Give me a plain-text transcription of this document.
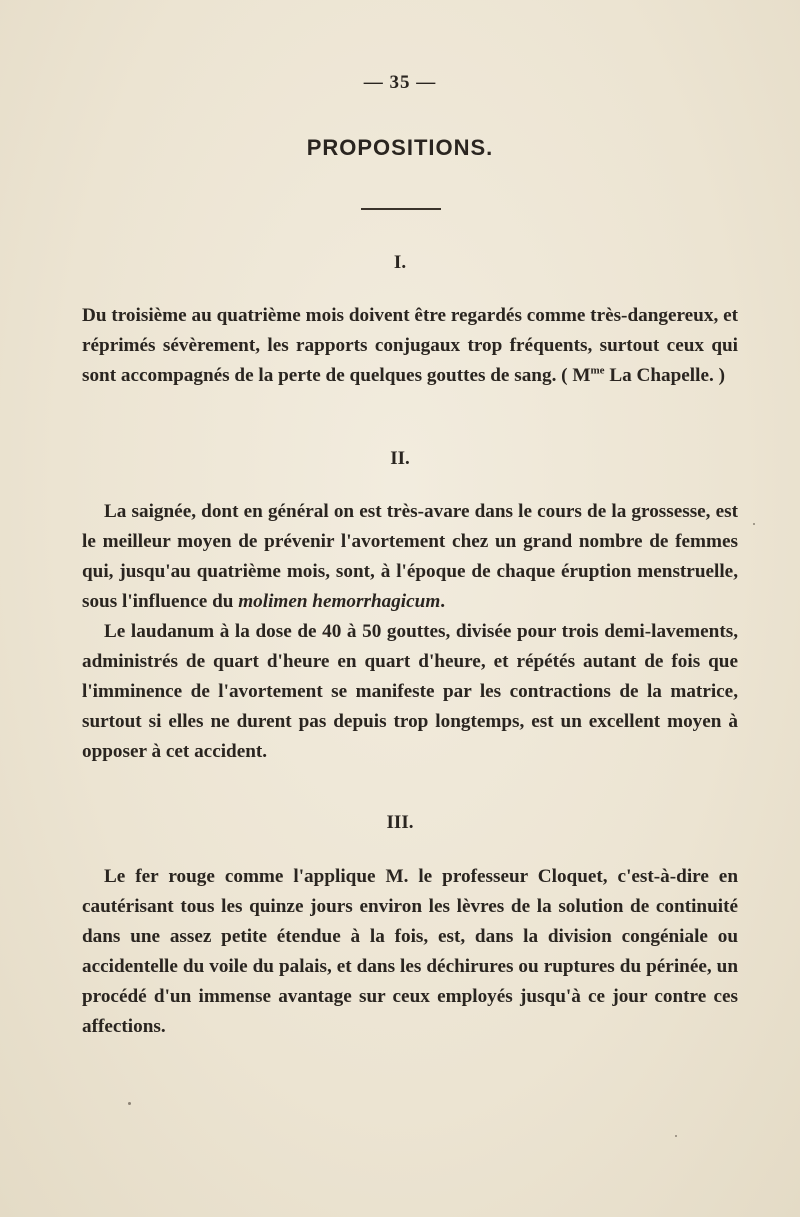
— 35 —
PROPOSITIONS.
I.

Du troisième au quatrième mois doivent être regardés comme très-dangereux, et réprimés sévèrement, les rapports conjugaux trop fréquents, surtout ceux qui sont accompagnés de la perte de quelques gouttes de sang. ( $M^{me}$ La Chapelle. )

II.

La saignée, dont en général on est très-avare dans le cours de la grossesse, est le meilleur moyen de prévenir l'avortement chez un grand nombre de femmes qui, jusqu'au quatrième mois, sont, à l'époque de chaque éruption menstruelle, sous l'influence du molimen hemorrhagicum.

Le laudanum à la dose de 40 à 50 gouttes, divisée pour trois demi-lavements, administrés de quart d'heure en quart d'heure, et répétés autant de fois que l'imminence de l'avortement se manifeste par les contractions de la matrice, surtout si elles ne durent pas depuis trop longtemps, est un excellent moyen à opposer à cet accident.

III.

Le fer rouge comme l'applique M. le professeur Cloquet, c'est-à-dire en cautérisant tous les quinze jours environ les lèvres de la solution de continuité dans une assez petite étendue à la fois, est, dans la division congéniale ou accidentelle du voile du palais, et dans les déchirures ou ruptures du périnée, un procédé d'un immense avantage sur ceux employés jusqu'à ce jour contre ces affections.
